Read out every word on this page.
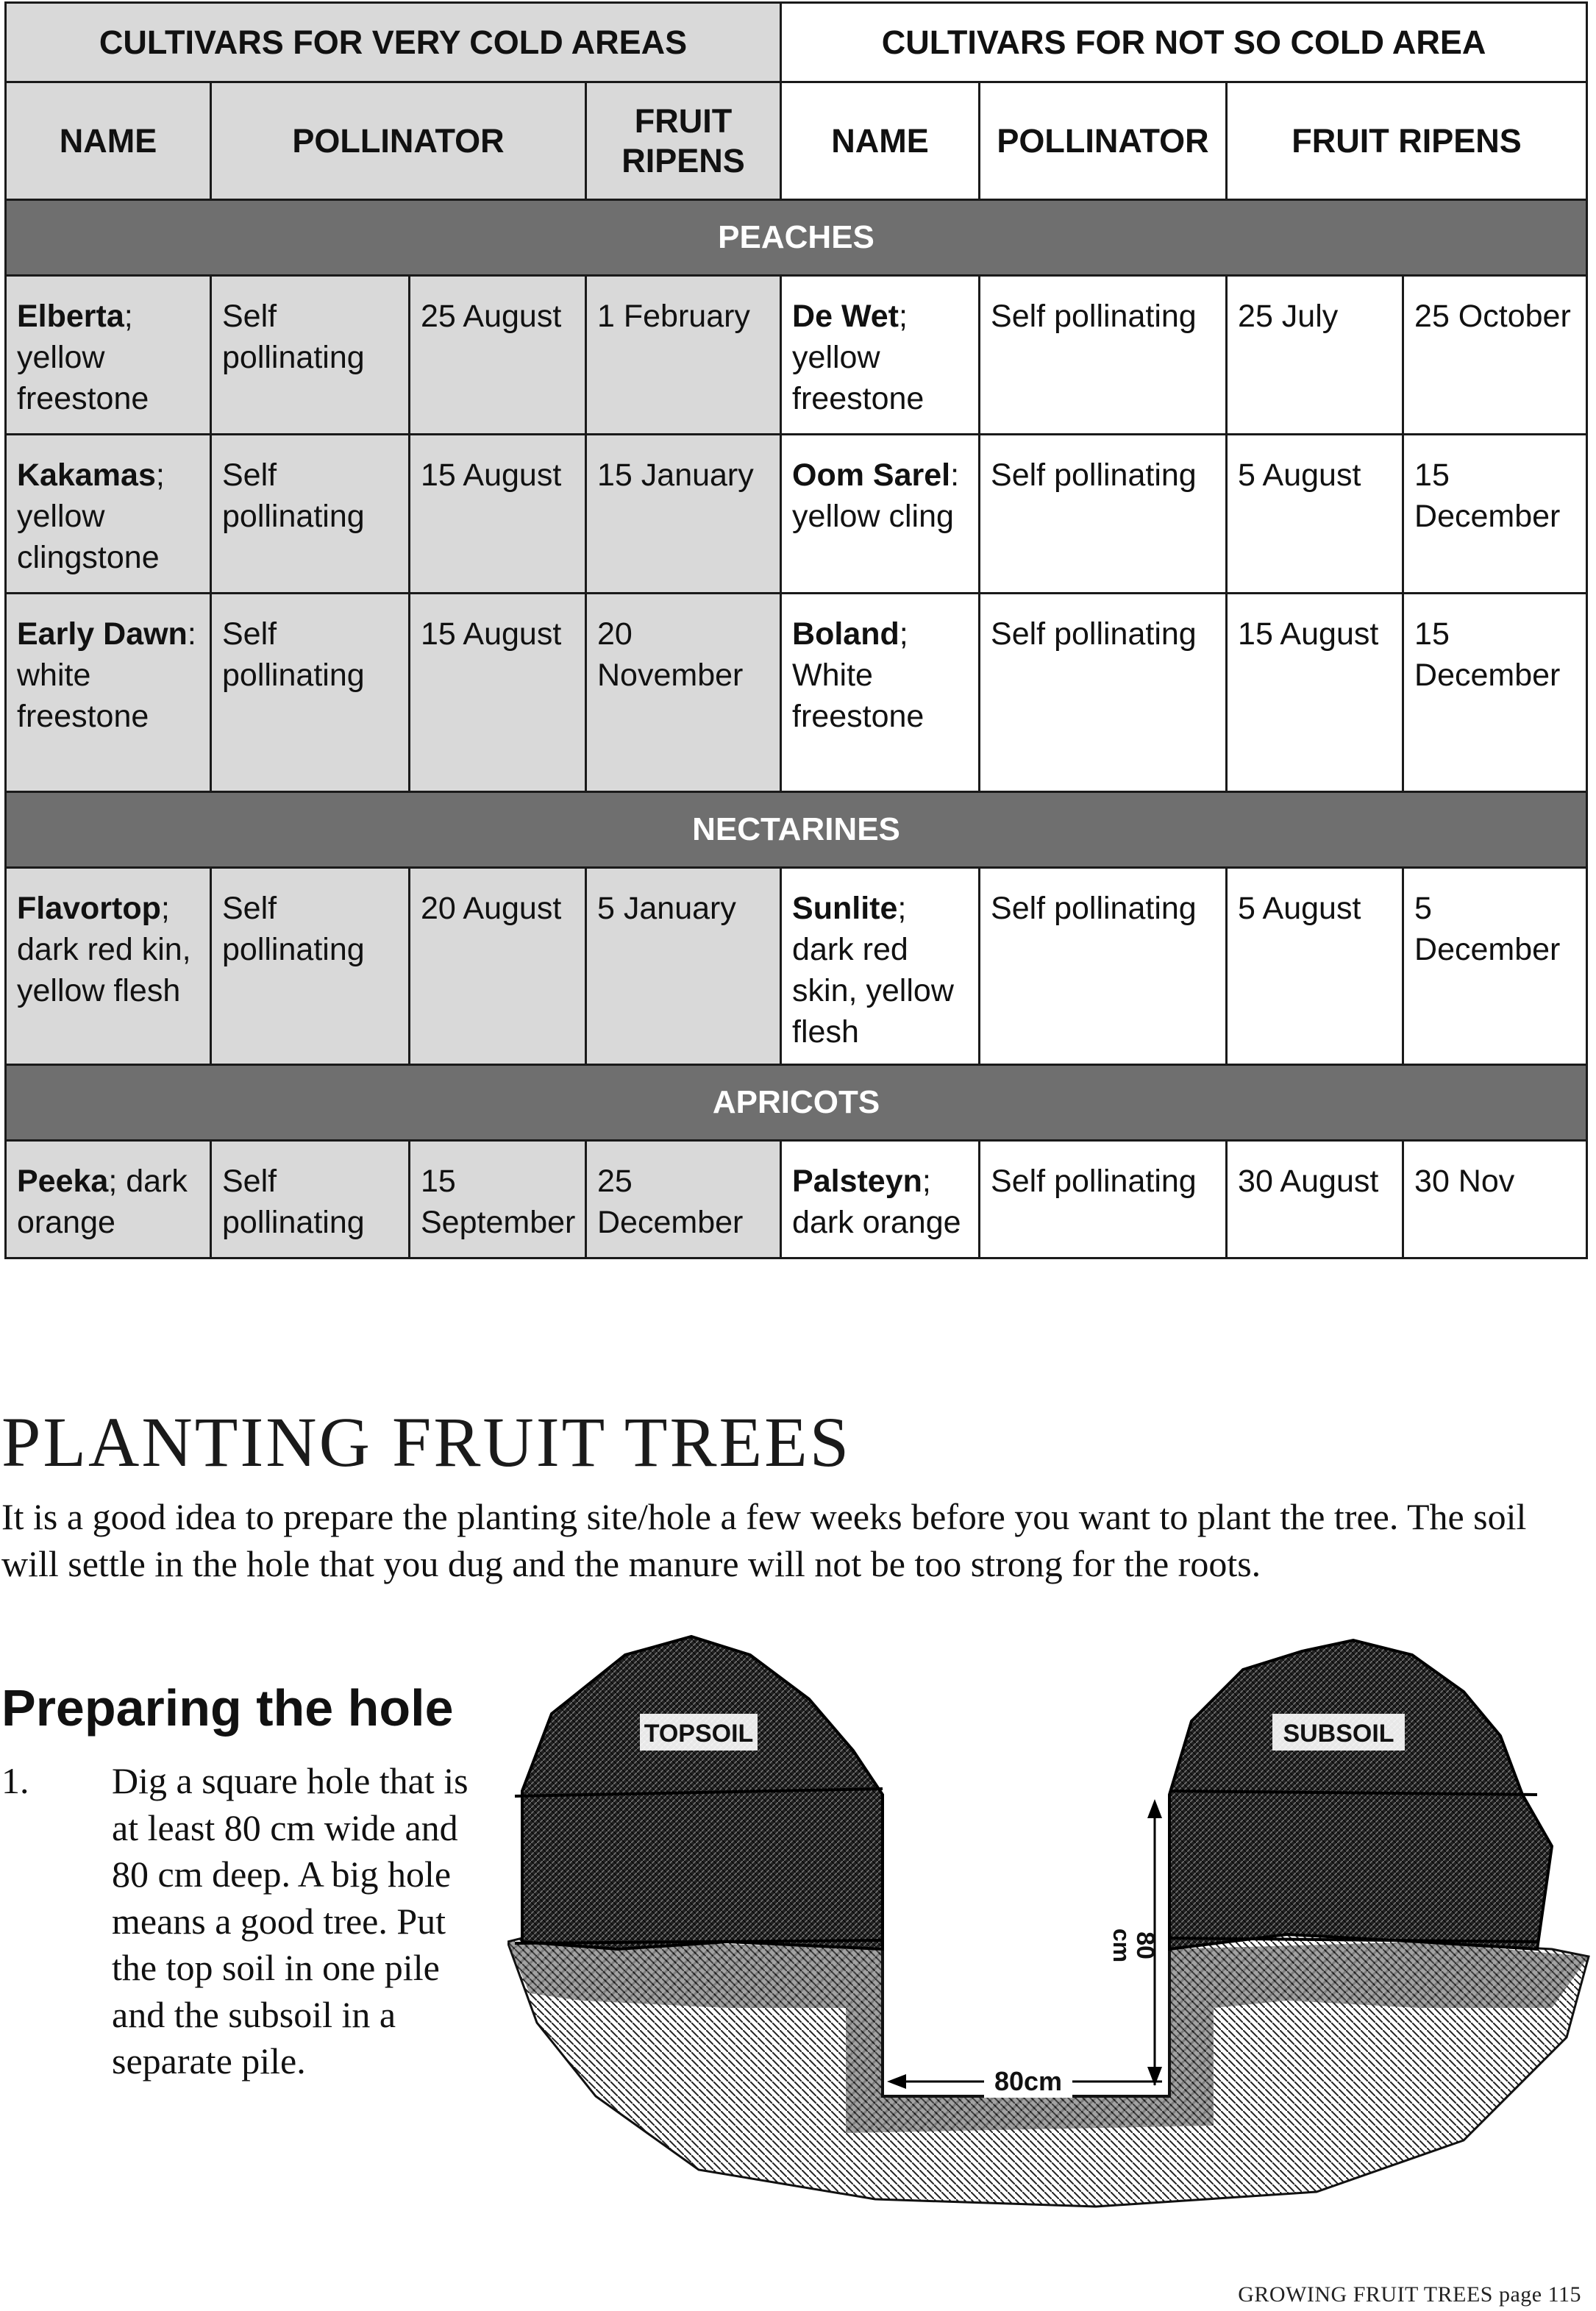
CULTIVARS FOR VERY COLD AREAS				CULTIVARS FOR NOT SO COLD AREA			
NAME	POLLINATOR		FRUIT RIPENS	NAME	POLLINATOR	FRUIT RIPENS	
PEACHES							
Elberta; yellow freestone	Self pollinating	25 August	1 February	De Wet; yellow freestone	Self pollinating	25 July	25 October
Kakamas; yellow clingstone	Self pollinating	15 August	15 January	Oom Sarel: yellow cling	Self pollinating	5 August	15 December
Early Dawn: white freestone	Self pollinating	15 August	20 November	Boland; White freestone	Self pollinating	15 August	15 December
NECTARINES							
Flavortop; dark red kin, yellow flesh	Self pollinating	20 August	5 January	Sunlite; dark red skin, yellow flesh	Self pollinating	5 August	5 December
APRICOTS							
Peeka; dark orange	Self pollinating	15 September	25 December	Palsteyn; dark orange	Self pollinating	30 August	30 Nov
PLANTING FRUIT TREES

It is a good idea to prepare the planting site/hole a few weeks before you want to plant the tree. The soil will settle in the hole that you dug and the manure will not be too strong for the roots.

Preparing the hole
1.	Dig a square hole that is at least 80 cm wide and 80 cm deep. A big hole means a good tree. Put the top soil in one pile and the subsoil in a separate pile.
TOPSOIL	SUBSOIL
80
cm
80cm
GROWING FRUIT TREES page 115
